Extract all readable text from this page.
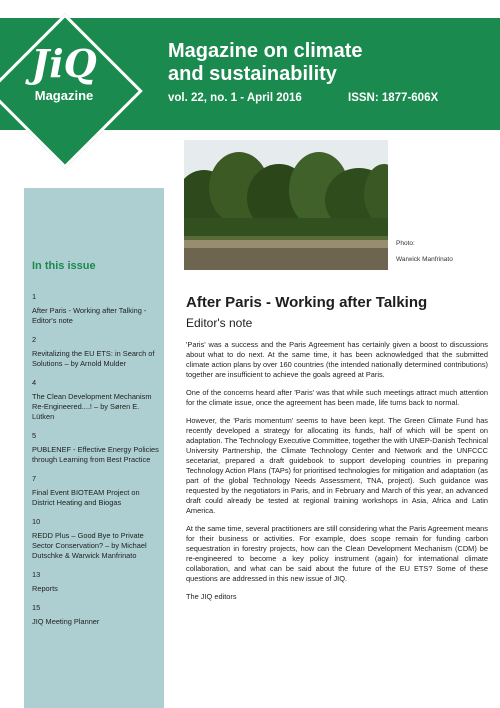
JiQ
Magazine
Magazine on climate
and sustainability
vol. 22, no. 1 - April 2016	ISSN: 1877-606X
In this issue
1
After Paris - Working after Talking - Editor's note
2
Revitalizing the EU ETS: in Search of Solutions – by Arnold Mulder
4
The Clean Development Mechanism Re-Engineered....! – by Søren E. Lütken
5
PUBLENEF - Effective Energy Policies through Learning from Best Practice
7
Final Event BIOTEAM Project on District Heating and Biogas
10
REDD Plus – Good Bye to Private Sector Conservation? – by Michael Dutschke & Warwick Manfrinato
13
Reports
15
JIQ Meeting Planner
Photo:
Warwick Manfrinato
After Paris - Working after Talking
Editor's note

'Paris' was a success and the Paris Agreement has certainly given a boost to discussions about what to do next. At the same time, it has been acknowledged that the submitted climate action plans by over 160 countries (the intended nationally determined contributions) together are insufficient to achieve the goals agreed at Paris.

One of the concerns heard after 'Paris' was that while such meetings attract much attention for the climate issue, once the agreement has been made, life turns back to normal.

However, the 'Paris momentum' seems to have been kept. The Green Climate Fund has recently developed a strategy for allocating its funds, half of which will be spent on adaptation. The Technology Executive Committee, together the with UNEP-Danish Technical University Partnership, the Climate Technology Center and Network and the UNFCCC secetariat, prepared a draft guidebook to support developing countries in preparing Technology Action Plans (TAPs) for prioritised technologies for mitigation and adaptation (as part of the global Technology Needs Assessment, TNA, project). Such guidance was requested by the negotiators in Paris, and in February and March of this year, an advanced draft could already be tested at regional training workshops in Asia, Africa and Latin America.

At the same time, several practitioners are still considering what the Paris Agreement means for their business or activities. For example, does scope remain for funding carbon sequestration in forestry projects, how can the Clean Development Mechanism (CDM) be re-engineered to become a key policy instrument (again) for international climate collaboration, and what can be said about the future of the EU ETS? Some of these questions are addressed in this new issue of JIQ.

The JIQ editors
